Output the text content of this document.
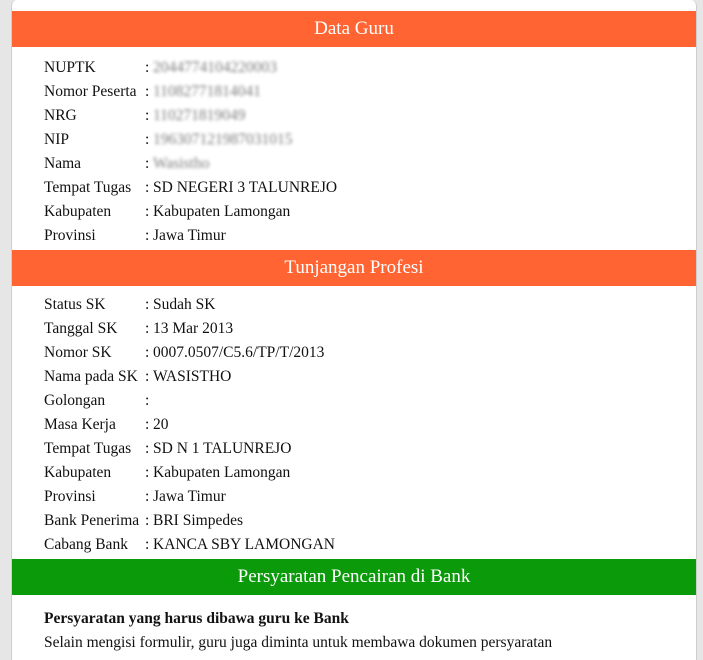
Data Guru
NUPTK	: 2044774104220003
Nomor Peserta : 11082771814041
NRG	: 110271819049
NIP	: 196307121987031015
Nama	: Wasistho
Tempat Tugas : SD NEGERI 3 TALUNREJO
Kabupaten	: Kabupaten Lamongan
Provinsi	: Jawa Timur
Tunjangan Profesi
Status SK	: Sudah SK
Tanggal SK	: 13 Mar 2013
Nomor SK	: 0007.0507/C5.6/TP/T/2013
Nama pada SK : WASISTHO
Golongan	:
Masa Kerja	: 20
Tempat Tugas : SD N 1 TALUNREJO
Kabupaten	: Kabupaten Lamongan
Provinsi	: Jawa Timur
Bank Penerima : BRI Simpedes
Cabang Bank	: KANCA SBY LAMONGAN
Persyaratan Pencairan di Bank
Persyaratan yang harus dibawa guru ke Bank
Selain mengisi formulir, guru juga diminta untuk membawa dokumen persyaratan
